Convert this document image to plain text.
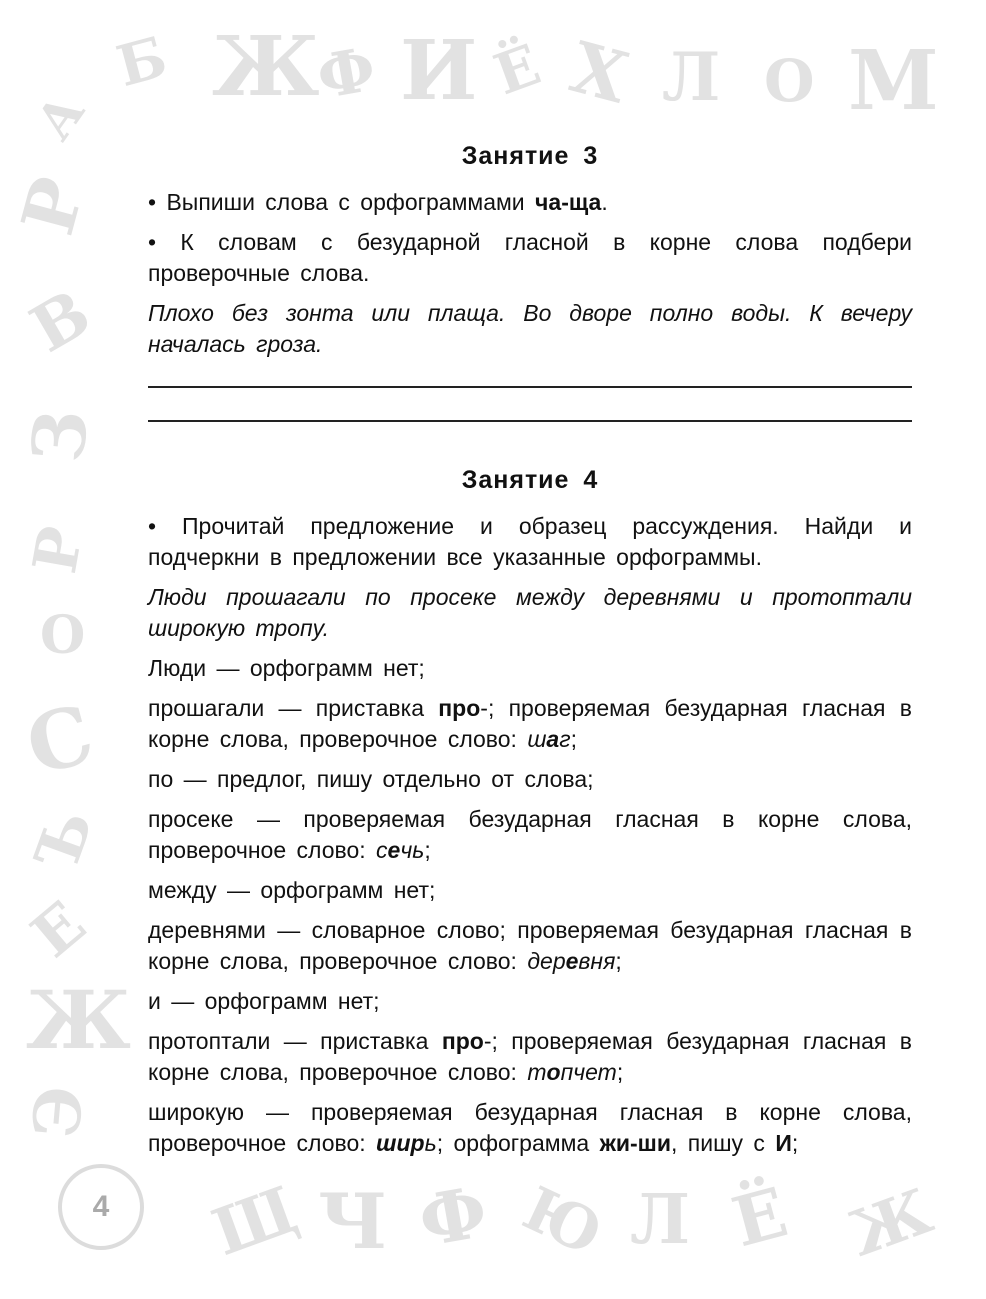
А
Б Ж
Ф И Ё Х Л О М
Р
В
З
Р
О
С
Ъ
Е
Ж
Э
Щ Ч Ф Ю Л Ё Ж
Занятие 3

• Выпиши слова с орфограммами ча-ща.

• К словам с безударной гласной в корне слова подбери проверочные слова.

Плохо без зонта или плаща. Во дворе полно воды. К вечеру началась гроза.

Занятие 4

• Прочитай предложение и образец рассуждения. Найди и подчеркни в предложении все указанные орфограммы.

Люди прошагали по просеке между деревнями и протоптали широкую тропу.

Люди — орфограмм нет;

прошагали — приставка про-; проверяемая безударная гласная в корне слова, проверочное слово: шаг;

по — предлог, пишу отдельно от слова;

просеке — проверяемая безударная гласная в корне слова, проверочное слово: сечь;

между — орфограмм нет;

деревнями — словарное слово; проверяемая безударная гласная в корне слова, проверочное слово: деревня;

и — орфограмм нет;

протоптали — приставка про-; проверяемая безударная гласная в корне слова, проверочное слово: топчет;

широкую — проверяемая безударная гласная в корне слова, проверочное слово: ширь; орфограмма жи-ши, пишу с И;

4
